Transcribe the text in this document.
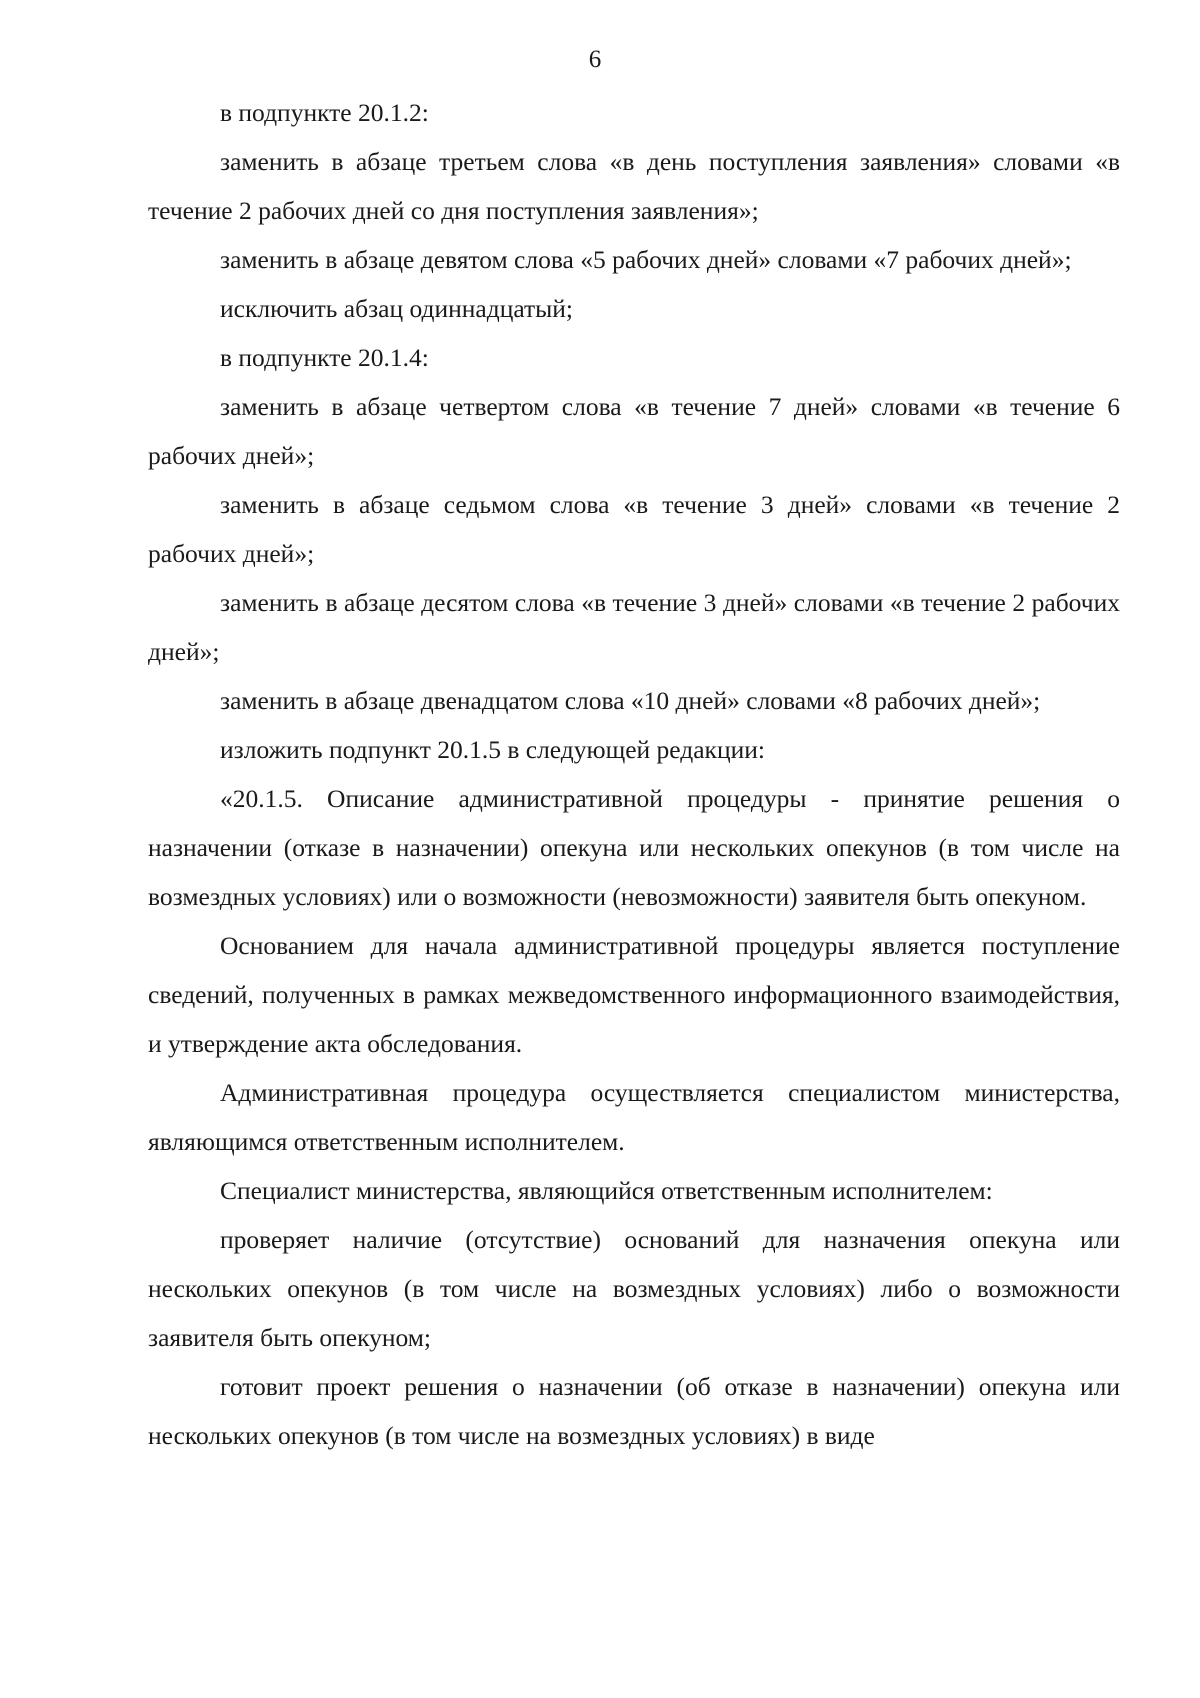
6

в подпункте 20.1.2:

заменить в абзаце третьем слова «в день поступления заявления» словами «в течение 2 рабочих дней со дня поступления заявления»;

заменить в абзаце девятом слова «5 рабочих дней» словами «7 рабочих дней»;

исключить абзац одиннадцатый;

в подпункте 20.1.4:

заменить в абзаце четвертом слова «в течение 7 дней» словами «в течение 6 рабочих дней»;

заменить в абзаце седьмом слова «в течение 3 дней» словами «в течение 2 рабочих дней»;

заменить в абзаце десятом слова «в течение 3 дней» словами «в течение 2 рабочих дней»;

заменить в абзаце двенадцатом слова «10 дней» словами «8 рабочих дней»;

изложить подпункт 20.1.5 в следующей редакции:

«20.1.5. Описание административной процедуры - принятие решения о назначении (отказе в назначении) опекуна или нескольких опекунов (в том числе на возмездных условиях) или о возможности (невозможности) заявителя быть опекуном.

Основанием для начала административной процедуры является поступление сведений, полученных в рамках межведомственного информационного взаимодействия, и утверждение акта обследования.

Административная процедура осуществляется специалистом министерства, являющимся ответственным исполнителем.

Специалист министерства, являющийся ответственным исполнителем:

проверяет наличие (отсутствие) оснований для назначения опекуна или нескольких опекунов (в том числе на возмездных условиях) либо о возможности заявителя быть опекуном;

готовит проект решения о назначении (об отказе в назначении) опекуна или нескольких опекунов (в том числе на возмездных условиях) в виде
